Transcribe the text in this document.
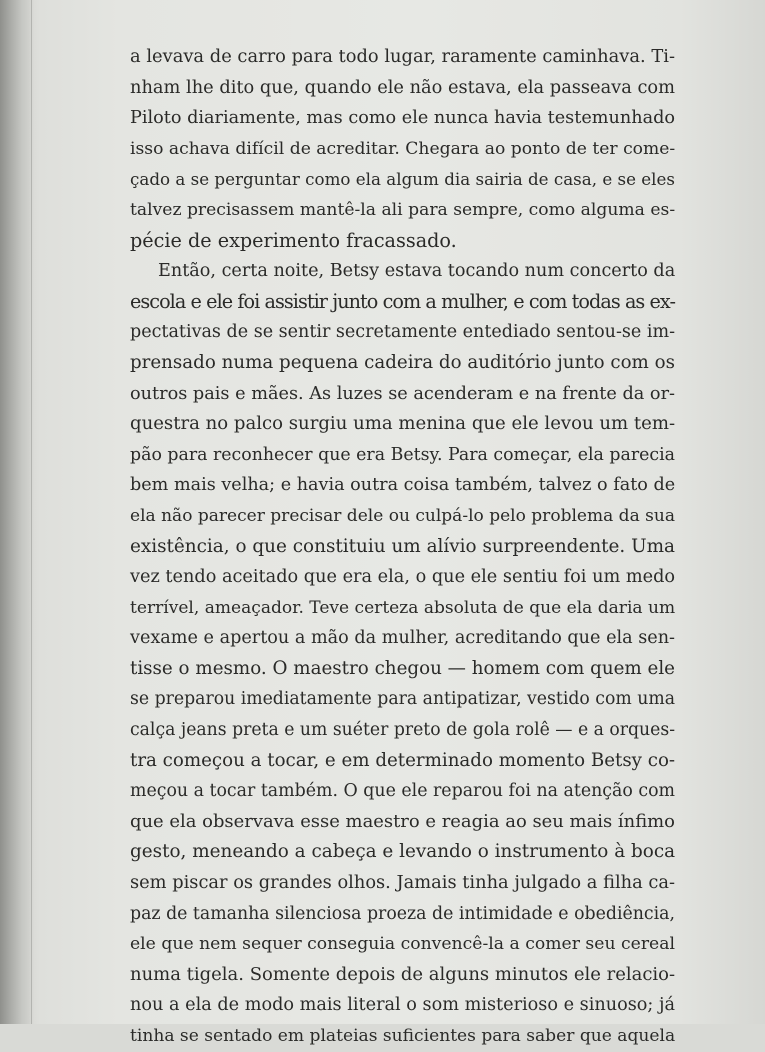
a levava de carro para todo lugar, raramente caminhava. Ti-
nham lhe dito que, quando ele não estava, ela passeava com
Piloto diariamente, mas como ele nunca havia testemunhado
isso achava difícil de acreditar. Chegara ao ponto de ter come-
çado a se perguntar como ela algum dia sairia de casa, e se eles
talvez precisassem mantê-la ali para sempre, como alguma es-
pécie de experimento fracassado.
Então, certa noite, Betsy estava tocando num concerto da
escola e ele foi assistir junto com a mulher, e com todas as ex-
pectativas de se sentir secretamente entediado sentou-se im-
prensado numa pequena cadeira do auditório junto com os
outros pais e mães. As luzes se acenderam e na frente da or-
questra no palco surgiu uma menina que ele levou um tem-
pão para reconhecer que era Betsy. Para começar, ela parecia
bem mais velha; e havia outra coisa também, talvez o fato de
ela não parecer precisar dele ou culpá-lo pelo problema da sua
existência, o que constituiu um alívio surpreendente. Uma
vez tendo aceitado que era ela, o que ele sentiu foi um medo
terrível, ameaçador. Teve certeza absoluta de que ela daria um
vexame e apertou a mão da mulher, acreditando que ela sen-
tisse o mesmo. O maestro chegou — homem com quem ele
se preparou imediatamente para antipatizar, vestido com uma
calça jeans preta e um suéter preto de gola rolê — e a orques-
tra começou a tocar, e em determinado momento Betsy co-
meçou a tocar também. O que ele reparou foi na atenção com
que ela observava esse maestro e reagia ao seu mais ínfimo
gesto, meneando a cabeça e levando o instrumento à boca
sem piscar os grandes olhos. Jamais tinha julgado a filha ca-
paz de tamanha silenciosa proeza de intimidade e obediência,
ele que nem sequer conseguia convencê-la a comer seu cereal
numa tigela. Somente depois de alguns minutos ele relacio-
nou a ela de modo mais literal o som misterioso e sinuoso; já
tinha se sentado em plateias suficientes para saber que aquela
